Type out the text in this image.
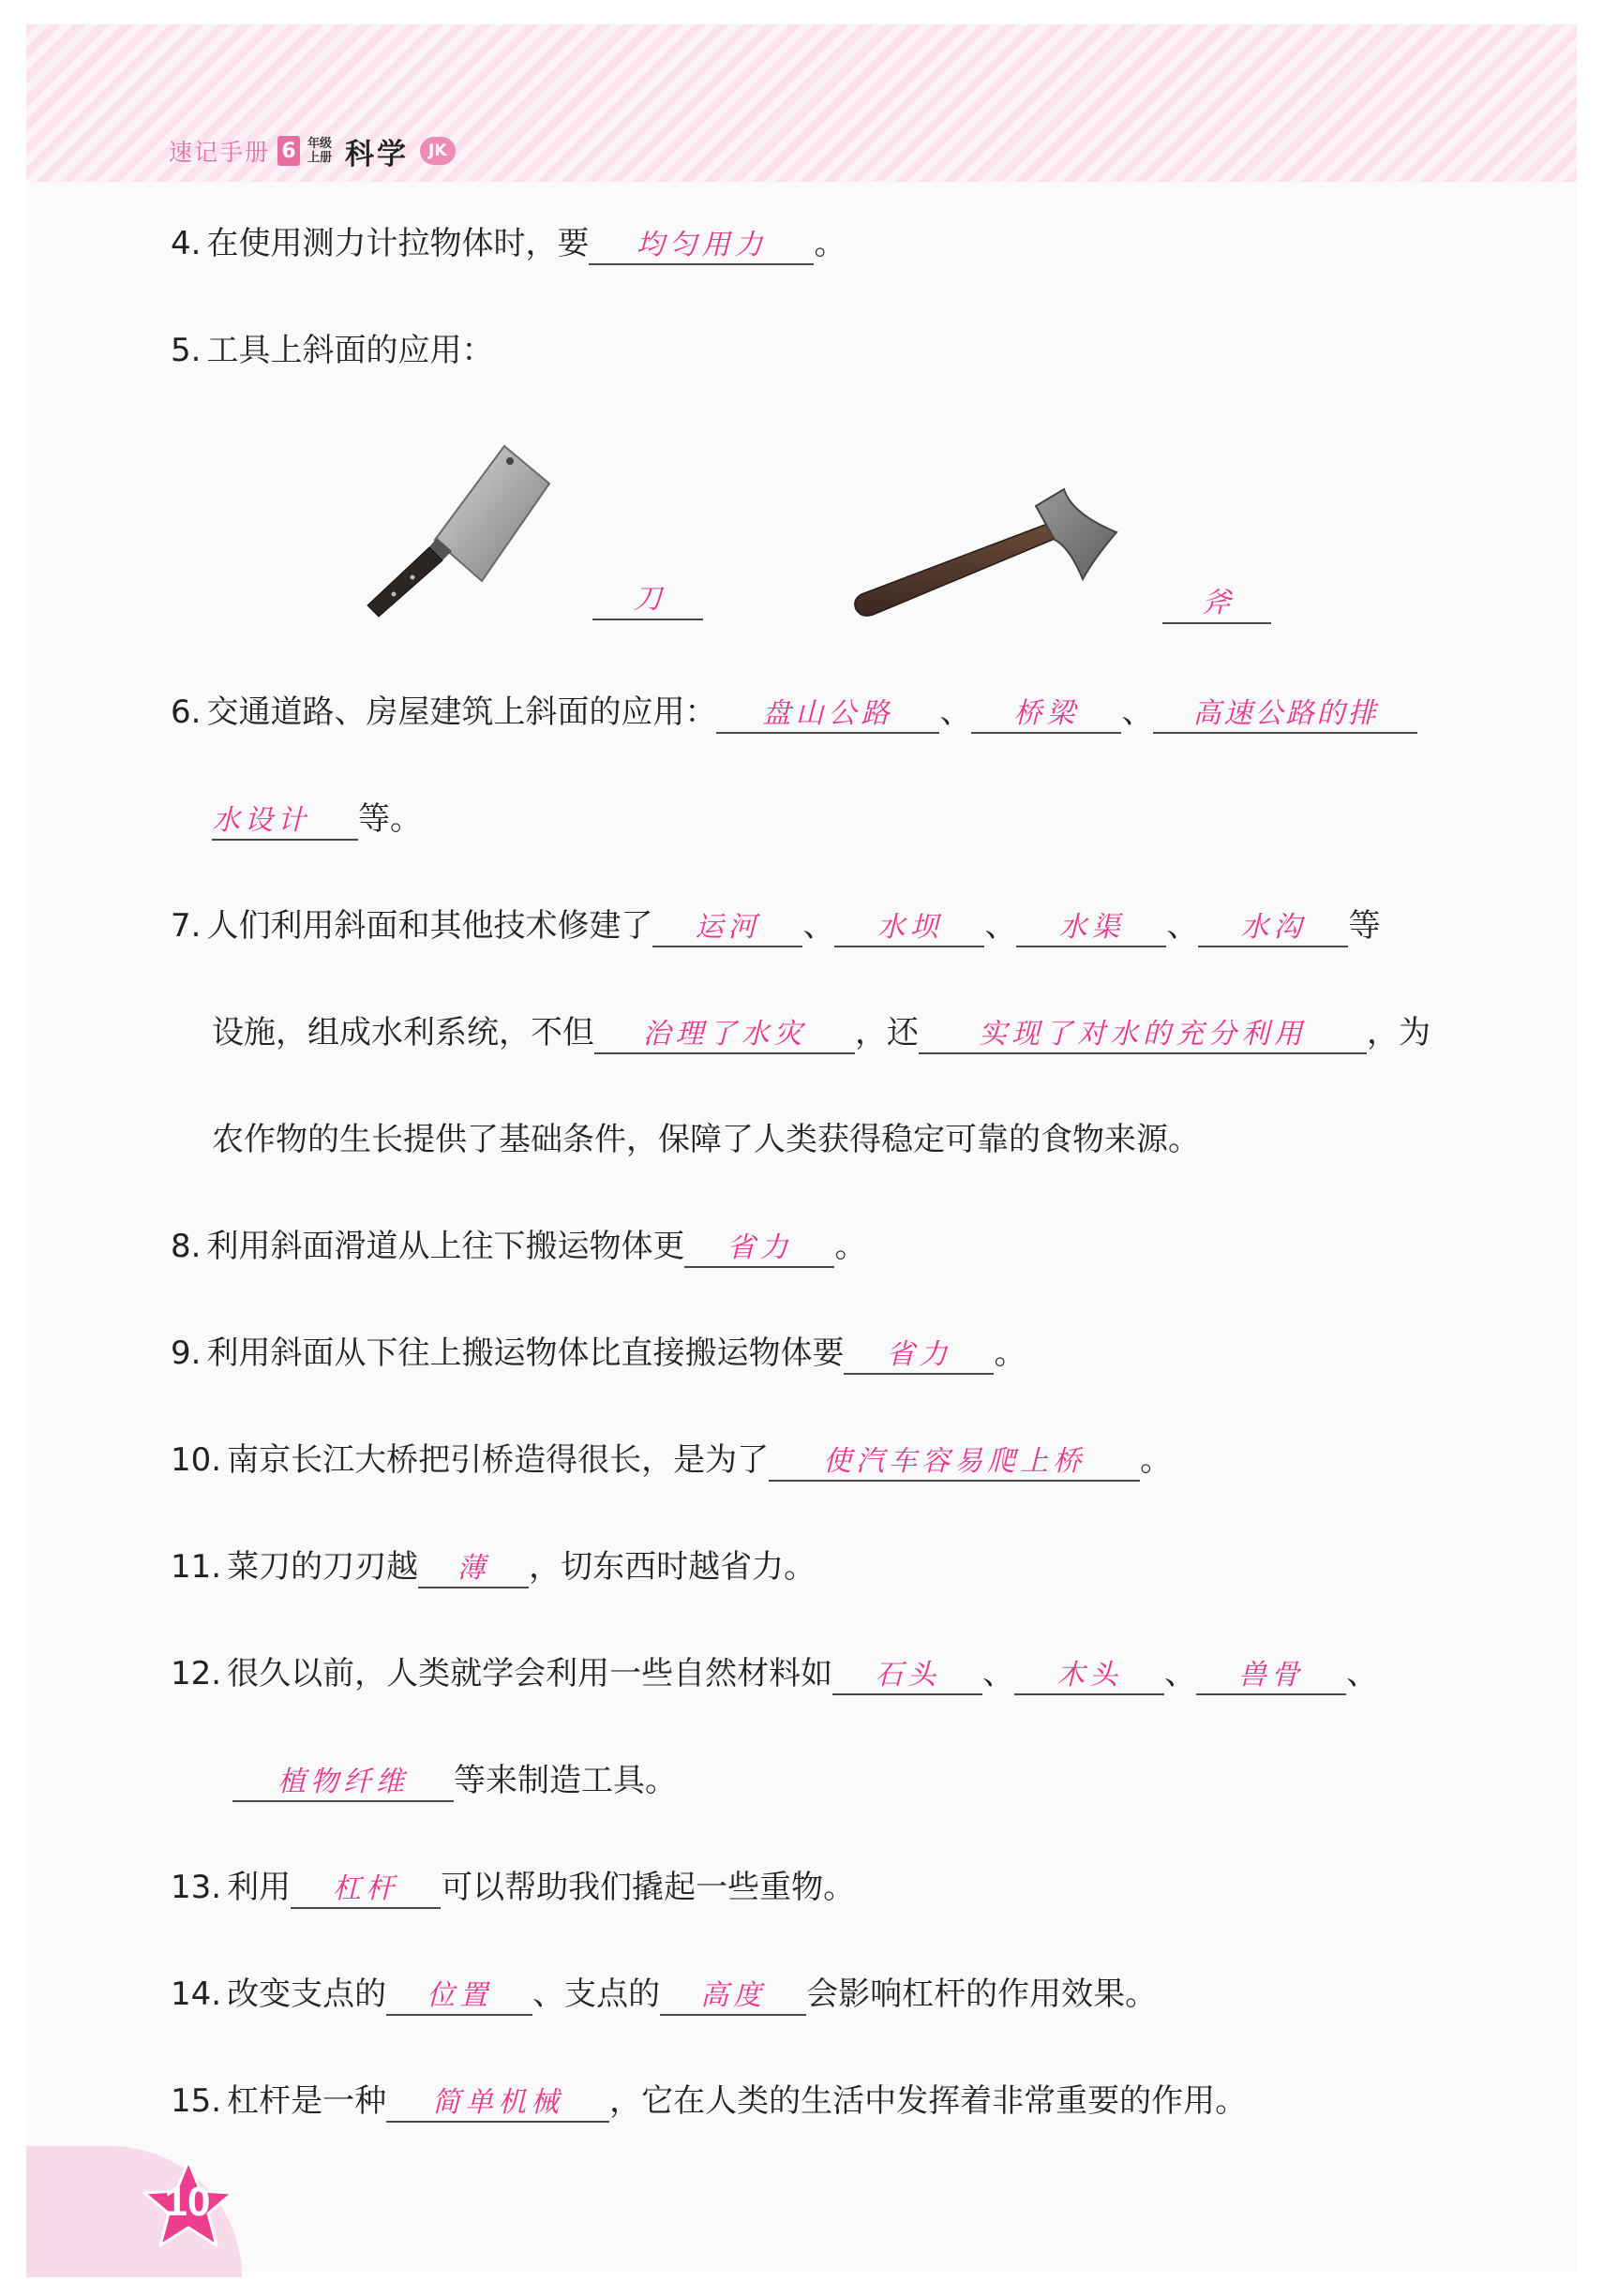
速记手册 6 年级
上册 科学	JK
4. 在使用测力计拉物体时，要 均匀用力 。
5. 工具上斜面的应用：
刀	斧
6. 交通道路、房屋建筑上斜面的应用： 盘山公路 、 桥梁 、 高速公路的排
水设计 等。
7. 人们利用斜面和其他技术修建了 运河 、 水坝 、 水渠 、 水沟 等
设施，组成水利系统，不但 治理了水灾 ，还 实现了对水的充分利用 ，为
农作物的生长提供了基础条件，保障了人类获得稳定可靠的食物来源。
8. 利用斜面滑道从上往下搬运物体更 省力 。
9. 利用斜面从下往上搬运物体比直接搬运物体要 省力 。
10. 南京长江大桥把引桥造得很长，是为了 使汽车容易爬上桥 。
11. 菜刀的刀刃越 薄 ，切东西时越省力。
12. 很久以前，人类就学会利用一些自然材料如 石头 、 木头 、 兽骨 、
植物纤维 等来制造工具。
13. 利用 杠杆 可以帮助我们撬起一些重物。
14. 改变支点的 位置 、支点的 高度 会影响杠杆的作用效果。
15. 杠杆是一种 简单机械 ，它在人类的生活中发挥着非常重要的作用。
10
